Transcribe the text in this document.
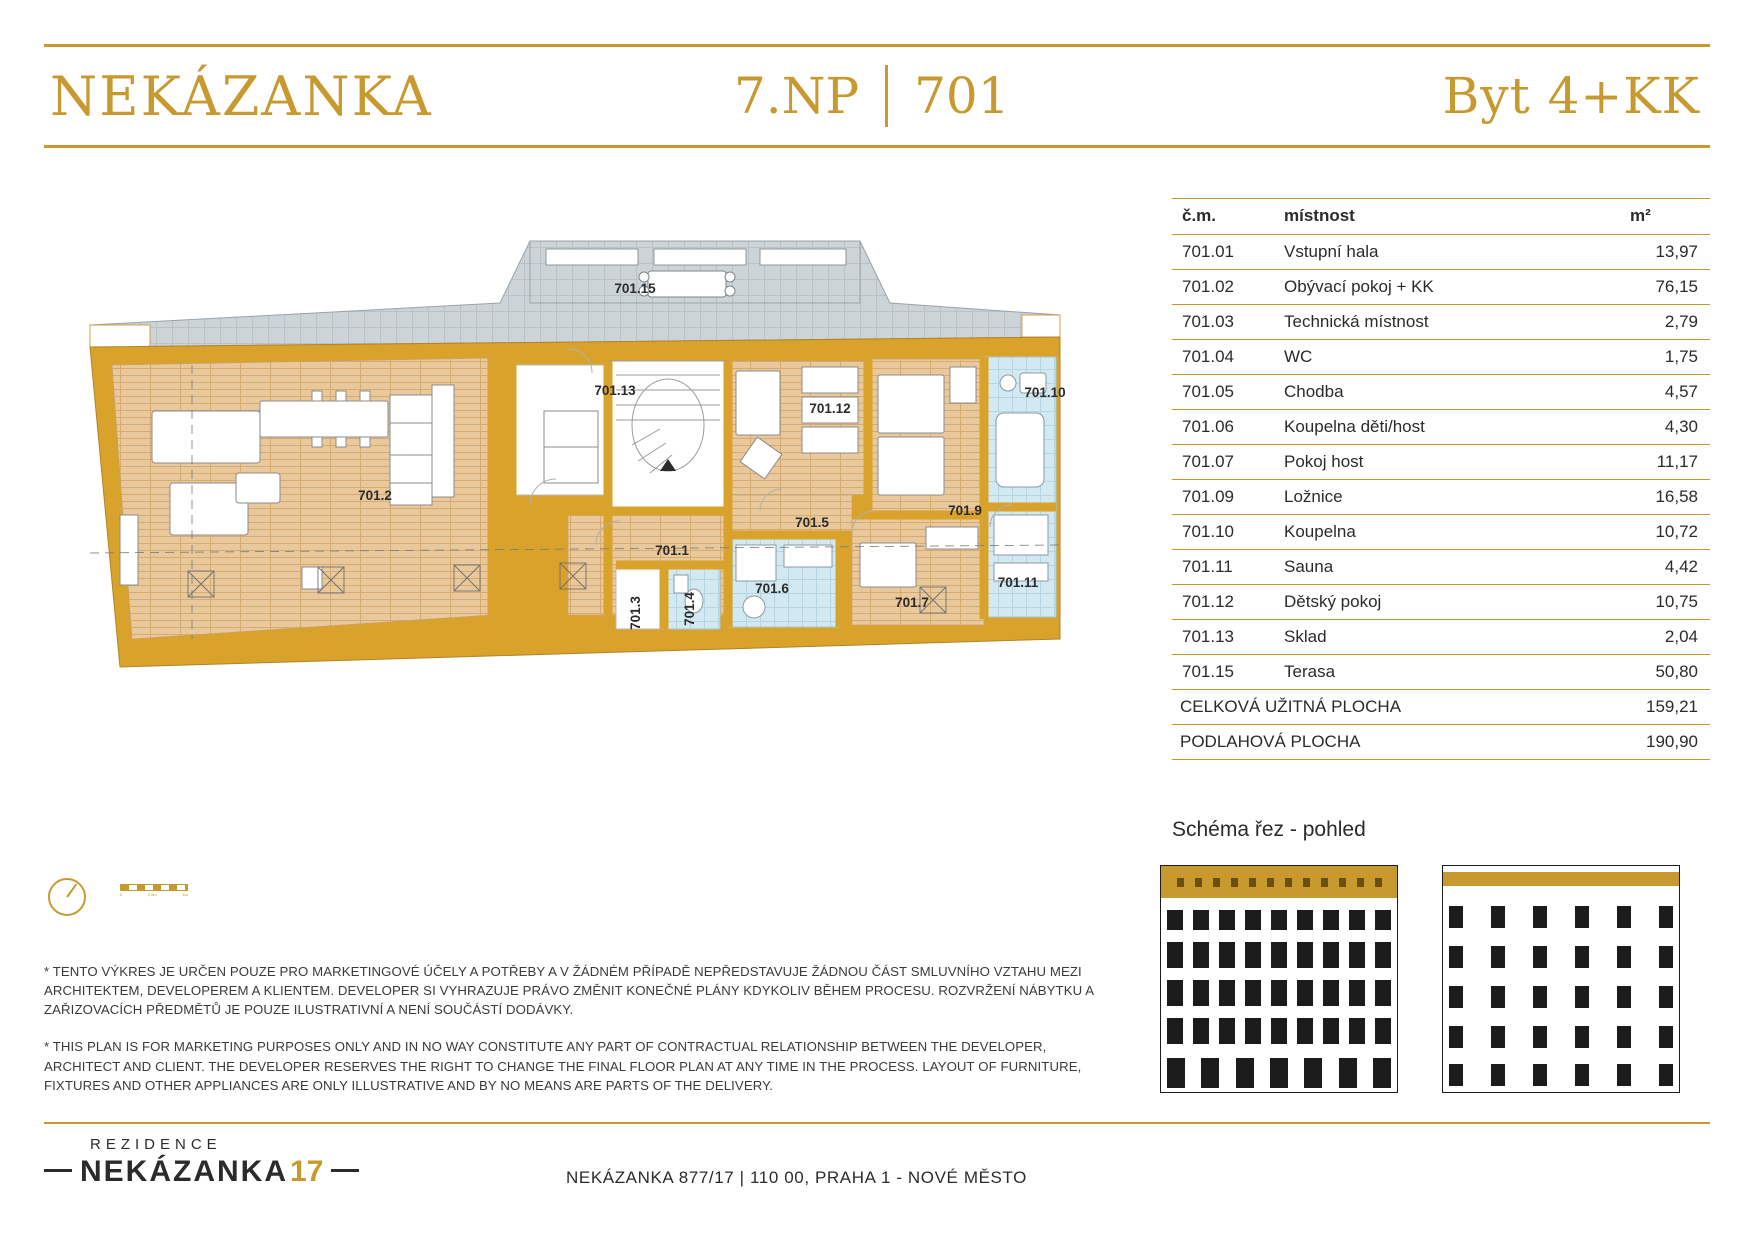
NEKÁZANKA	7.NP 701	Byt 4+KK
701.15
701.13
701.2
701.12
701.10
701.9
701.5
701.1
701.3	701.4
701.6
701.7
701.11
č.m.	místnost	m²
701.01	Vstupní hala	13,97
701.02	Obývací pokoj + KK	76,15
701.03	Technická místnost	2,79
701.04	WC	1,75
701.05	Chodba	4,57
701.06	Koupelna děti/host	4,30
701.07	Pokoj host	11,17
701.09	Ložnice	16,58
701.10	Koupelna	10,72
701.11	Sauna	4,42
701.12	Dětský pokoj	10,75
701.13	Sklad	2,04
701.15	Terasa	50,80
CELKOVÁ UŽITNÁ PLOCHA		159,21
PODLAHOVÁ PLOCHA		190,90
Schéma řez - pohled
0	2,5m	5m

* TENTO VÝKRES JE URČEN POUZE PRO MARKETINGOVÉ ÚČELY A POTŘEBY A V ŽÁDNÉM PŘÍPADĚ NEPŘEDSTAVUJE ŽÁDNOU ČÁST SMLUVNÍHO VZTAHU MEZI ARCHITEKTEM, DEVELOPEREM A KLIENTEM. DEVELOPER SI VYHRAZUJE PRÁVO ZMĚNIT KONEČNÉ PLÁNY KDYKOLIV BĚHEM PROCESU. ROZVRŽENÍ NÁBYTKU A ZAŘIZOVACÍCH PŘEDMĚTŮ JE POUZE ILUSTRATIVNÍ A NENÍ SOUČÁSTÍ DODÁVKY.

* THIS PLAN IS FOR MARKETING PURPOSES ONLY AND IN NO WAY CONSTITUTE ANY PART OF CONTRACTUAL RELATIONSHIP BETWEEN THE DEVELOPER, ARCHITECT AND CLIENT. THE DEVELOPER RESERVES THE RIGHT TO CHANGE THE FINAL FLOOR PLAN AT ANY TIME IN THE PROCESS. LAYOUT OF FURNITURE, FIXTURES AND OTHER APPLIANCES ARE ONLY ILLUSTRATIVE AND BY NO MEANS ARE PARTS OF THE DELIVERY.

REZIDENCE
NEKÁZANKA 17	NEKÁZANKA 877/17 | 110 00, PRAHA 1 - NOVÉ MĚSTO
